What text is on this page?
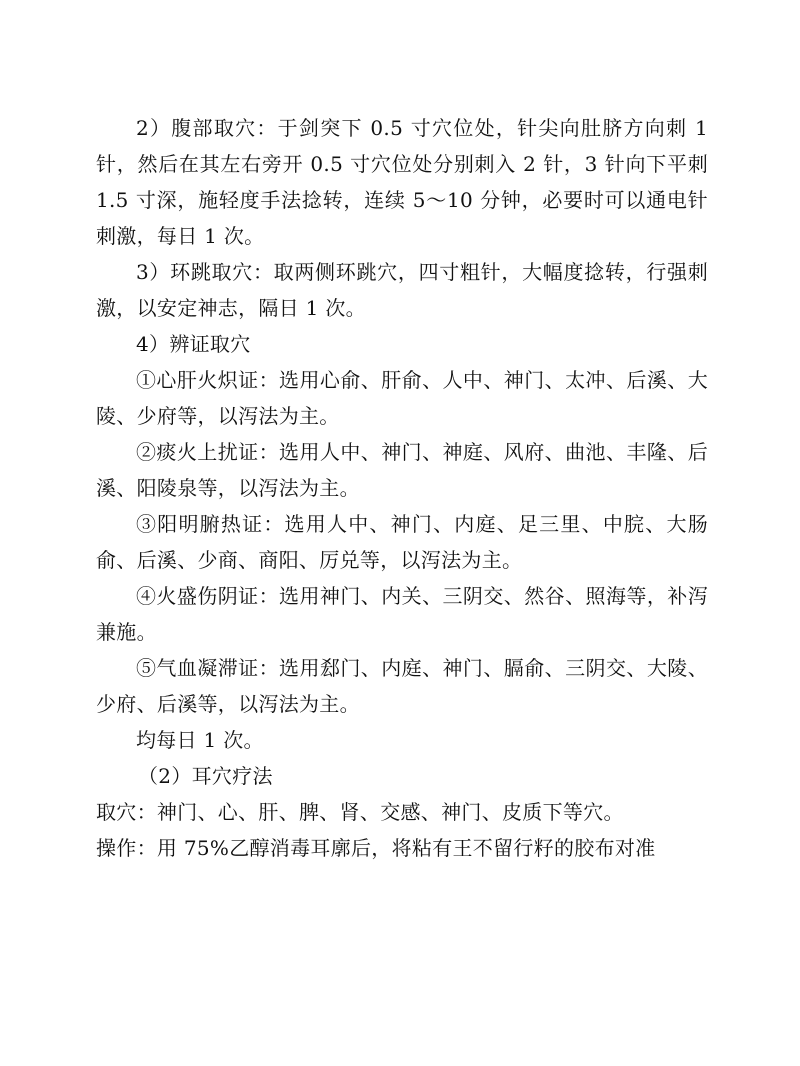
2）腹部取穴：于剑突下 0.5 寸穴位处，针尖向肚脐方向刺 1 针，然后在其左右旁开 0.5 寸穴位处分别刺入 2 针，3 针向下平刺 1.5 寸深，施轻度手法捻转，连续 5～10 分钟，必要时可以通电针刺激，每日 1 次。

3）环跳取穴：取两侧环跳穴，四寸粗针，大幅度捻转，行强刺激，以安定神志，隔日 1 次。

4）辨证取穴

①心肝火炽证：选用心俞、肝俞、人中、神门、太冲、后溪、大陵、少府等，以泻法为主。

②痰火上扰证：选用人中、神门、神庭、风府、曲池、丰隆、后溪、阳陵泉等，以泻法为主。

③阳明腑热证：选用人中、神门、内庭、足三里、中脘、大肠俞、后溪、少商、商阳、厉兑等，以泻法为主。

④火盛伤阴证：选用神门、内关、三阴交、然谷、照海等，补泻兼施。

⑤气血凝滞证：选用郄门、内庭、神门、膈俞、三阴交、大陵、少府、后溪等，以泻法为主。

均每日 1 次。

（2）耳穴疗法

取穴：神门、心、肝、脾、肾、交感、神门、皮质下等穴。

操作：用 75%乙醇消毒耳廓后，将粘有王不留行籽的胶布对准
